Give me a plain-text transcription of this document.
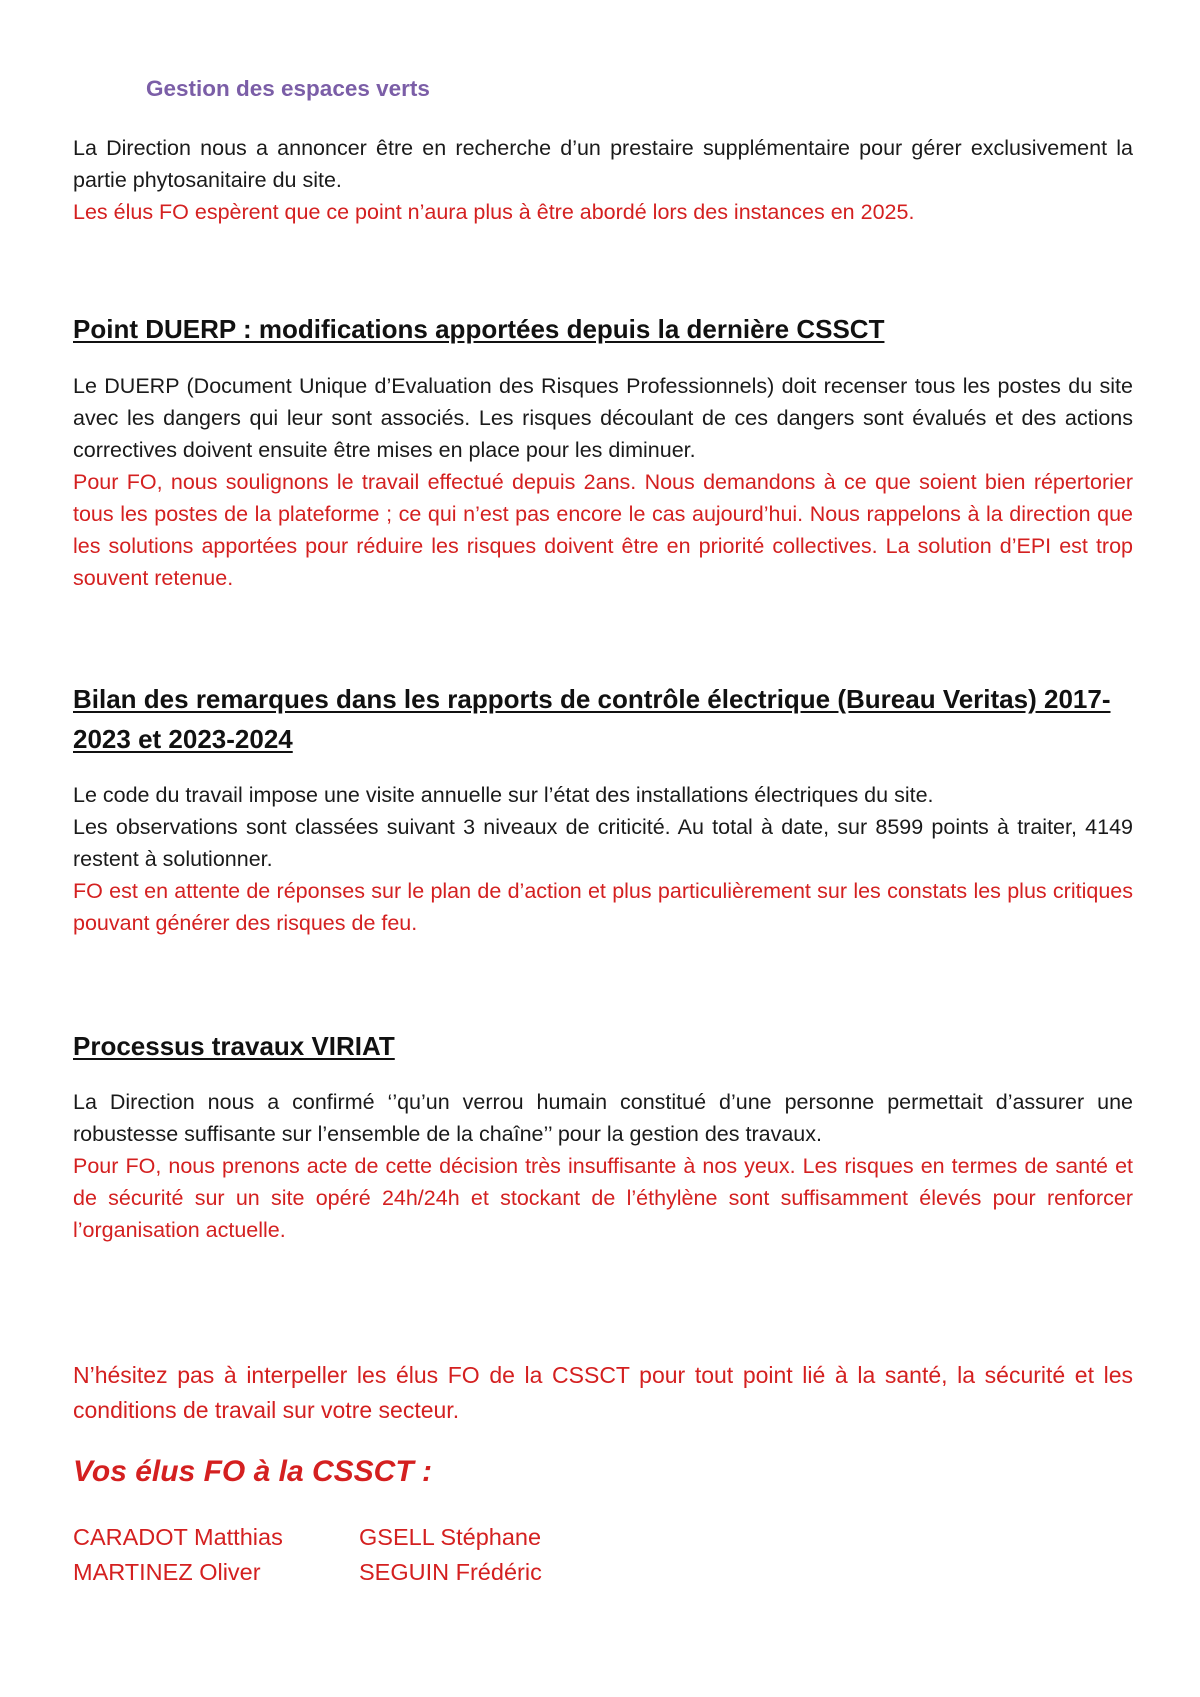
Gestion des espaces verts

La Direction nous a annoncer être en recherche d’un prestaire supplémentaire pour gérer exclusivement la partie phytosanitaire du site.

Les élus FO espèrent que ce point n’aura plus à être abordé lors des instances en 2025.

Point DUERP : modifications apportées depuis la dernière CSSCT

Le DUERP (Document Unique d’Evaluation des Risques Professionnels) doit recenser tous les postes du site avec les dangers qui leur sont associés. Les risques découlant de ces dangers sont évalués et des actions correctives doivent ensuite être mises en place pour les diminuer.

Pour FO, nous soulignons le travail effectué depuis 2ans. Nous demandons à ce que soient bien répertorier tous les postes de la plateforme ; ce qui n’est pas encore le cas aujourd’hui. Nous rappelons à la direction que les solutions apportées pour réduire les risques doivent être en priorité collectives. La solution d’EPI est trop souvent retenue.

Bilan des remarques dans les rapports de contrôle électrique (Bureau Veritas) 2017-2023 et 2023-2024

Le code du travail impose une visite annuelle sur l’état des installations électriques du site.

Les observations sont classées suivant 3 niveaux de criticité. Au total à date, sur 8599 points à traiter, 4149 restent à solutionner.

FO est en attente de réponses sur le plan de d’action et plus particulièrement sur les constats les plus critiques pouvant générer des risques de feu.

Processus travaux VIRIAT

La Direction nous a confirmé ‘’qu’un verrou humain constitué d’une personne permettait d’assurer une robustesse suffisante sur l’ensemble de la chaîne’’ pour la gestion des travaux.

Pour FO, nous prenons acte de cette décision très insuffisante à nos yeux. Les risques en termes de santé et de sécurité sur un site opéré 24h/24h et stockant de l’éthylène sont suffisamment élevés pour renforcer l’organisation actuelle.

N’hésitez pas à interpeller les élus FO de la CSSCT pour tout point lié à la santé, la sécurité et les conditions de travail sur votre secteur.

Vos élus FO à la CSSCT :
CARADOT Matthias
MARTINEZ Oliver
GSELL Stéphane
SEGUIN Frédéric
